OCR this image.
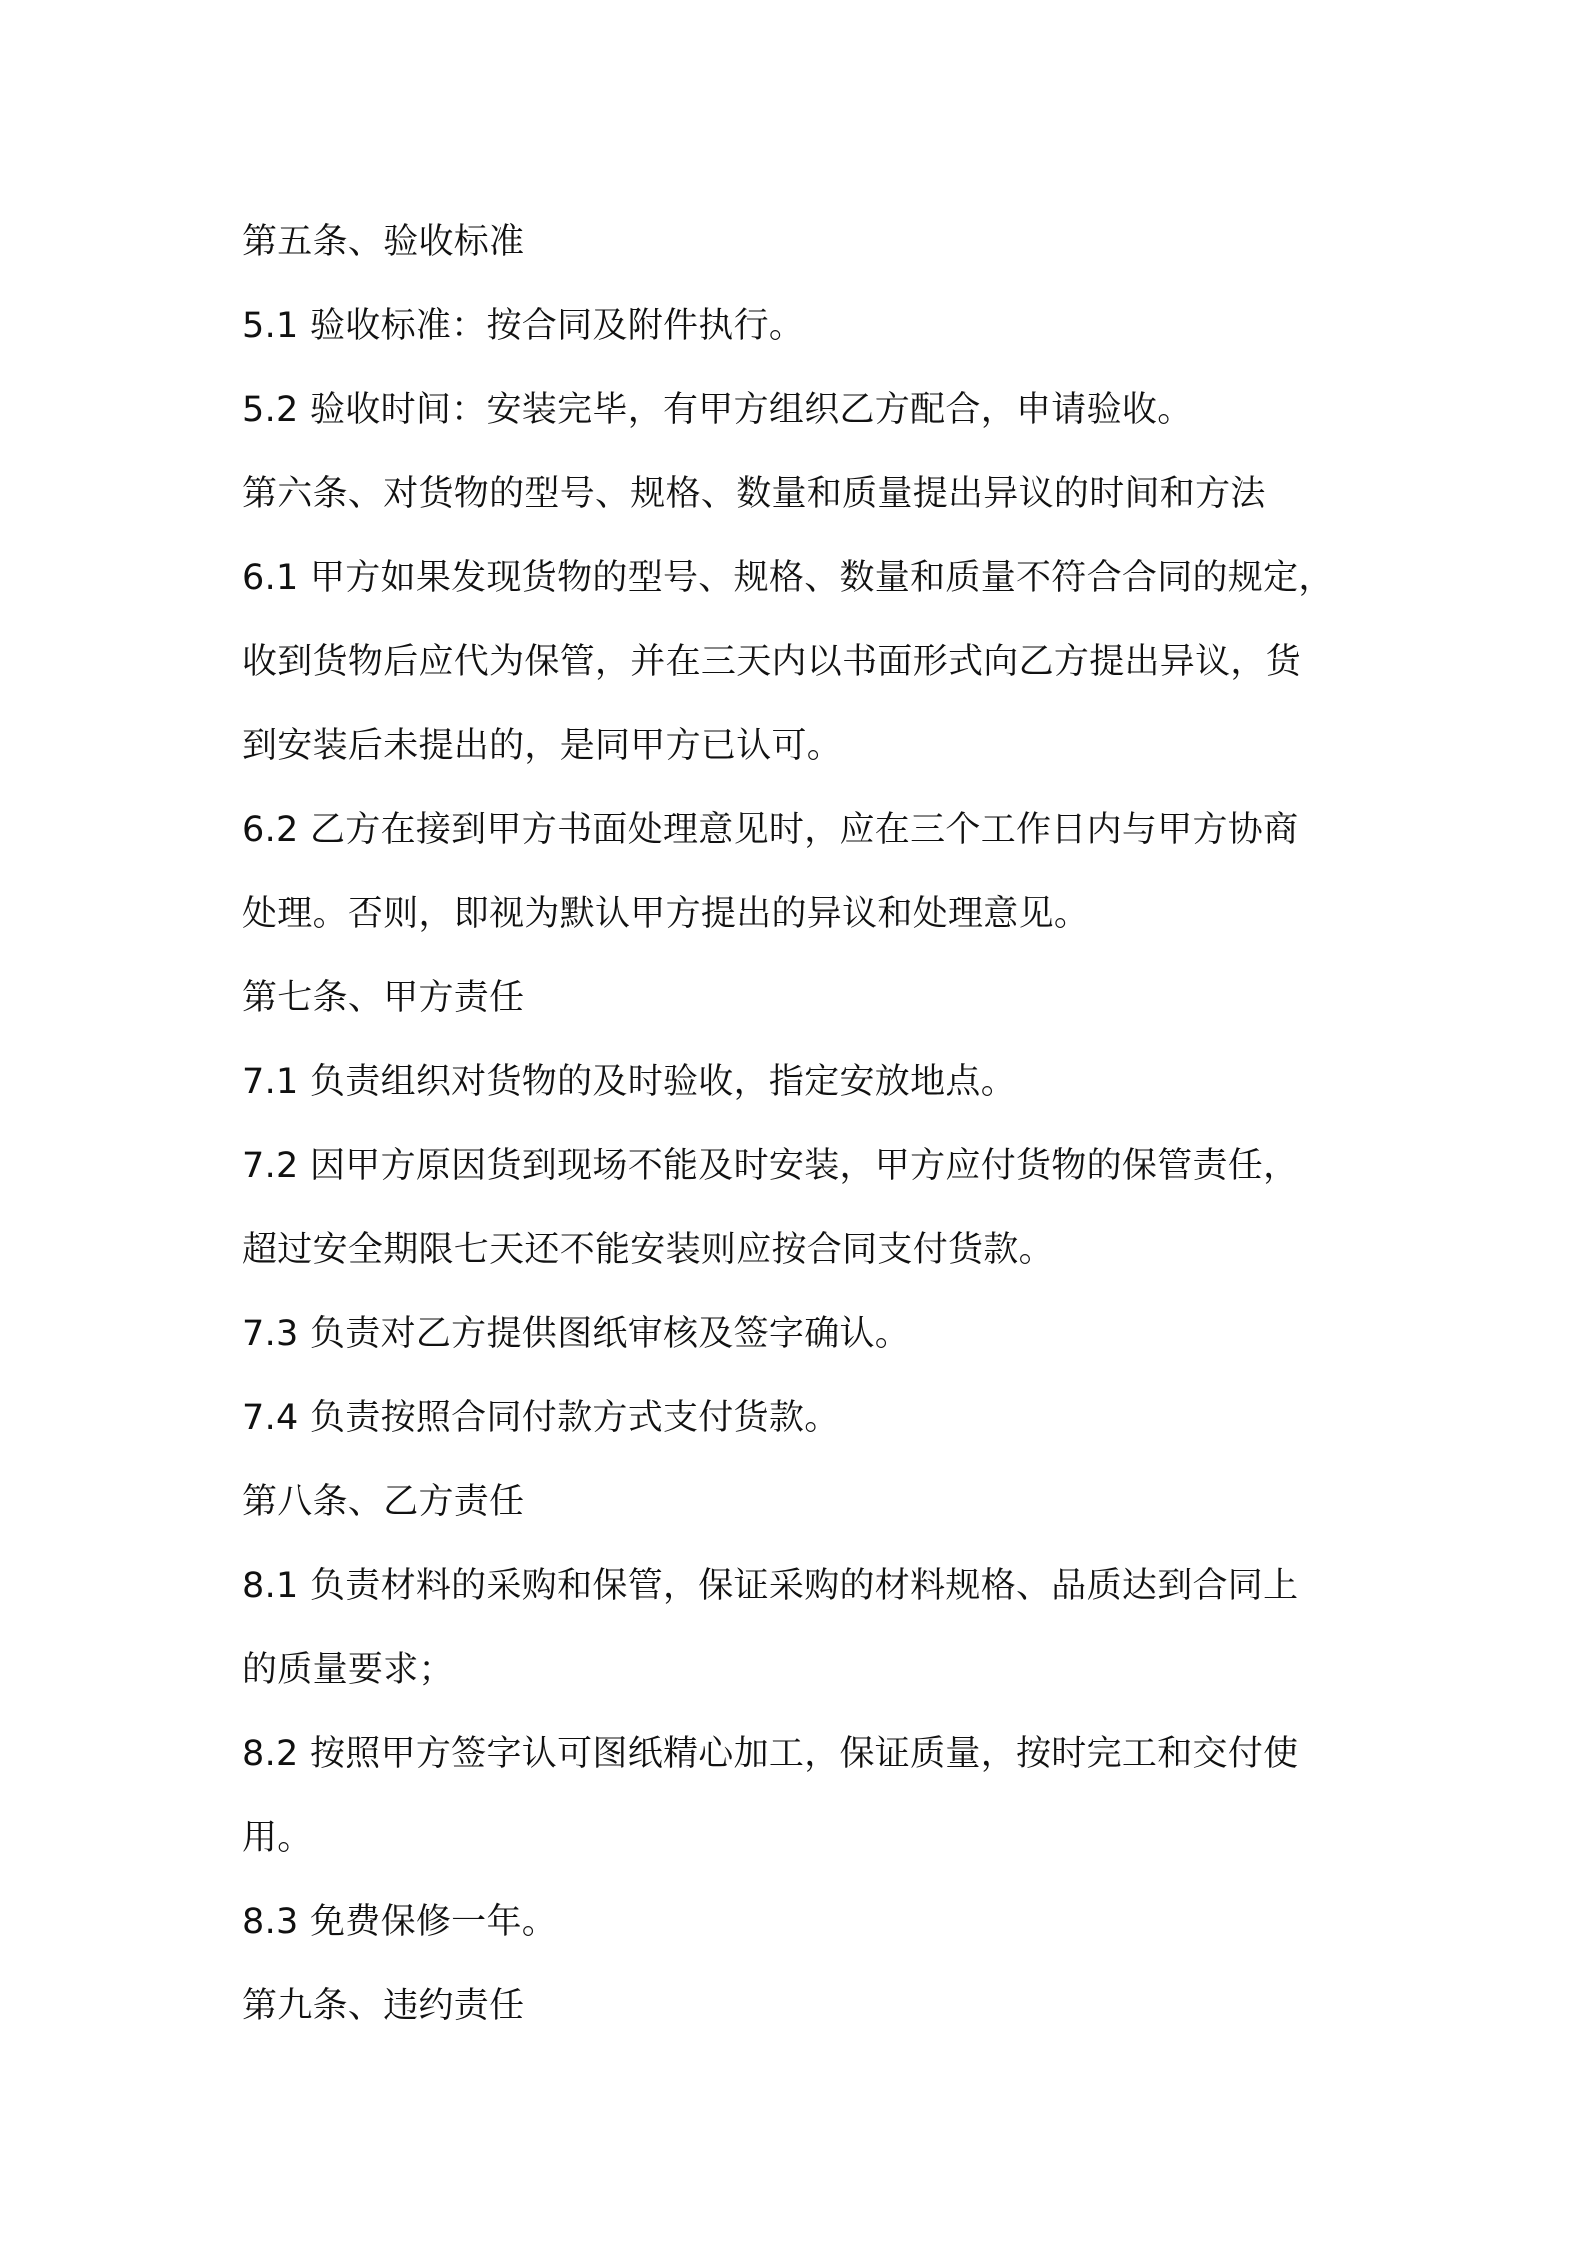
第五条、验收标准
5.1 验收标准：按合同及附件执行。
5.2 验收时间：安装完毕，有甲方组织乙方配合，申请验收。
第六条、对货物的型号、规格、数量和质量提出异议的时间和方法
6.1 甲方如果发现货物的型号、规格、数量和质量不符合合同的规定，
收到货物后应代为保管，并在三天内以书面形式向乙方提出异议，货
到安装后未提出的，是同甲方已认可。
6.2 乙方在接到甲方书面处理意见时，应在三个工作日内与甲方协商
处理。否则，即视为默认甲方提出的异议和处理意见。
第七条、甲方责任
7.1 负责组织对货物的及时验收，指定安放地点。
7.2 因甲方原因货到现场不能及时安装，甲方应付货物的保管责任，
超过安全期限七天还不能安装则应按合同支付货款。
7.3 负责对乙方提供图纸审核及签字确认。
7.4 负责按照合同付款方式支付货款。
第八条、乙方责任
8.1 负责材料的采购和保管，保证采购的材料规格、品质达到合同上
的质量要求；
8.2 按照甲方签字认可图纸精心加工，保证质量，按时完工和交付使
用。
8.3 免费保修一年。
第九条、违约责任
